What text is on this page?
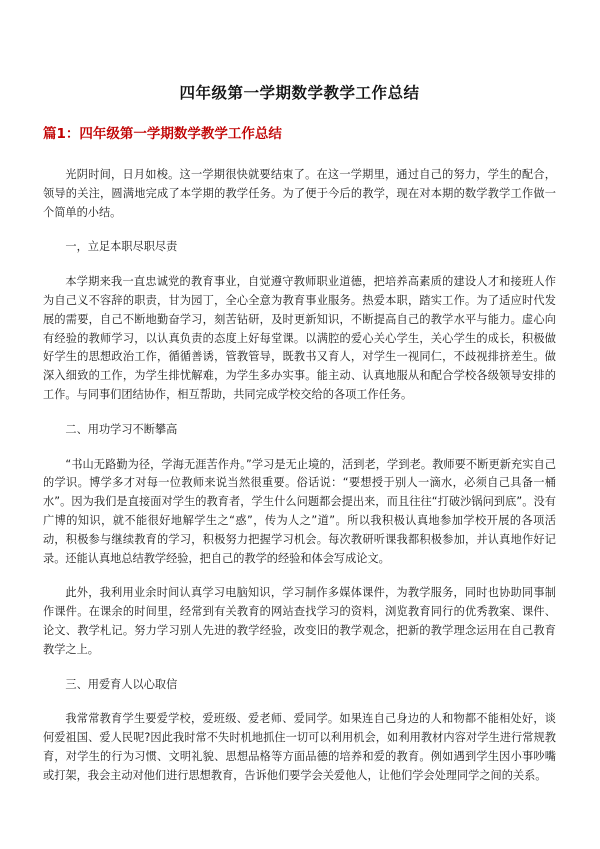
四年级第一学期数学教学工作总结
篇1：四年级第一学期数学教学工作总结

光阴时间，日月如梭。这一学期很快就要结束了。在这一学期里，通过自己的努力，学生的配合，领导的关注，圆满地完成了本学期的教学任务。为了便于今后的教学，现在对本期的数学教学工作做一个简单的小结。

一，立足本职尽职尽责

本学期来我一直忠诚党的教育事业，自觉遵守教师职业道德，把培养高素质的建设人才和接班人作为自己义不容辞的职责，甘为园丁，全心全意为教育事业服务。热爱本职，踏实工作。为了适应时代发展的需要，自己不断地勤奋学习，刻苦钻研，及时更新知识，不断提高自己的教学水平与能力。虚心向有经验的教师学习，以认真负责的态度上好每堂课。以满腔的爱心关心学生，关心学生的成长，积极做好学生的思想政治工作，循循善诱，管教管导，既教书又育人，对学生一视同仁，不歧视排挤差生。做深入细致的工作，为学生排忧解难，为学生多办实事。能主动、认真地服从和配合学校各级领导安排的工作。与同事们团结协作，相互帮助，共同完成学校交给的各项工作任务。

二、用功学习不断攀高

“书山无路勤为径，学海无涯苦作舟。”学习是无止境的，活到老，学到老。教师要不断更新充实自己的学识。博学多才对每一位教师来说当然很重要。俗话说：“要想授于别人一滴水，必须自己具备一桶水”。因为我们是直接面对学生的教育者，学生什么问题都会提出来，而且往往“打破沙锅问到底”。没有广博的知识，就不能很好地解学生之“惑”，传为人之”道”。所以我积极认真地参加学校开展的各项活动，积极参与继续教育的学习，积极努力把握学习机会。每次教研听课我都积极参加，并认真地作好记录。还能认真地总结教学经验，把自己的教学的经验和体会写成论文。

此外，我利用业余时间认真学习电脑知识，学习制作多媒体课件，为教学服务，同时也协助同事制作课件。在课余的时间里，经常到有关教育的网站查找学习的资料，浏览教育同行的优秀教案、课件、论文、教学札记。努力学习别人先进的教学经验，改变旧的教学观念，把新的教学理念运用在自己教育教学之上。

三、用爱育人以心取信

我常常教育学生要爱学校，爱班级、爱老师、爱同学。如果连自己身边的人和物都不能相处好，谈何爱祖国、爱人民呢?因此我时常不失时机地抓住一切可以利用机会，如利用教材内容对学生进行常规教育，对学生的行为习惯、文明礼貌、思想品格等方面品德的培养和爱的教育。例如遇到学生因小事吵嘴或打架，我会主动对他们进行思想教育，告诉他们要学会关爱他人，让他们学会处理同学之间的关系。
